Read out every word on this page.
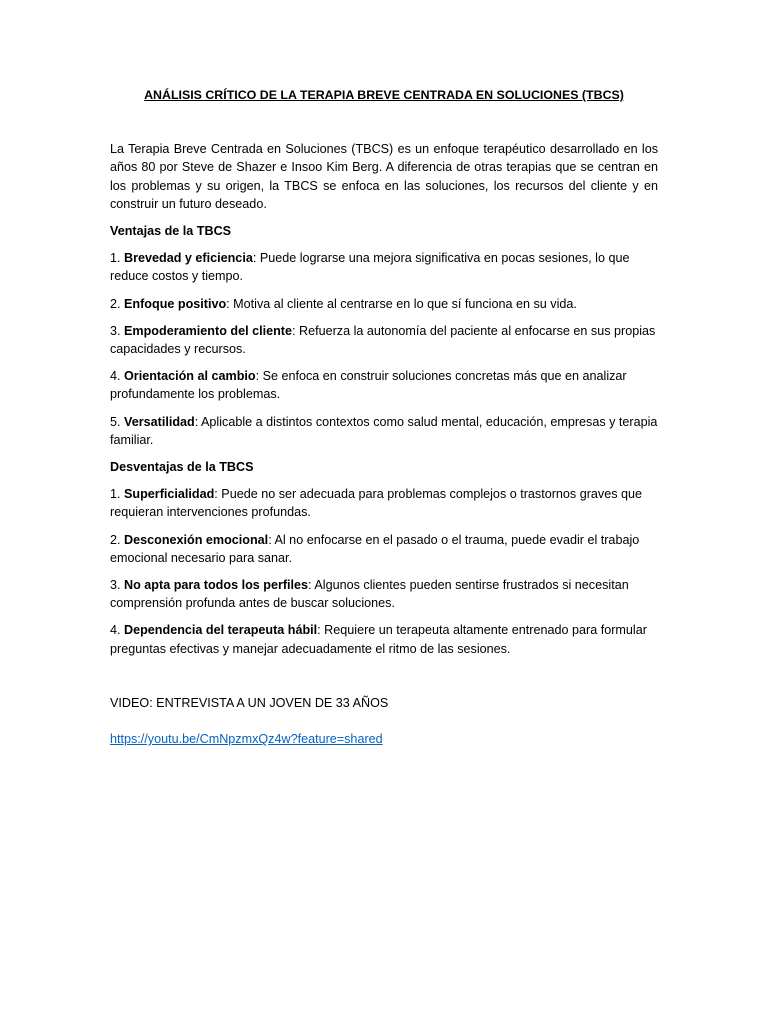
ANÁLISIS CRÍTICO DE LA TERAPIA BREVE CENTRADA EN SOLUCIONES (TBCS)

La Terapia Breve Centrada en Soluciones (TBCS) es un enfoque terapéutico desarrollado en los años 80 por Steve de Shazer e Insoo Kim Berg. A diferencia de otras terapias que se centran en los problemas y su origen, la TBCS se enfoca en las soluciones, los recursos del cliente y en construir un futuro deseado.

Ventajas de la TBCS

1. Brevedad y eficiencia: Puede lograrse una mejora significativa en pocas sesiones, lo que reduce costos y tiempo.

2. Enfoque positivo: Motiva al cliente al centrarse en lo que sí funciona en su vida.

3. Empoderamiento del cliente: Refuerza la autonomía del paciente al enfocarse en sus propias capacidades y recursos.

4. Orientación al cambio: Se enfoca en construir soluciones concretas más que en analizar profundamente los problemas.

5. Versatilidad: Aplicable a distintos contextos como salud mental, educación, empresas y terapia familiar.

Desventajas de la TBCS

1. Superficialidad: Puede no ser adecuada para problemas complejos o trastornos graves que requieran intervenciones profundas.

2. Desconexión emocional: Al no enfocarse en el pasado o el trauma, puede evadir el trabajo emocional necesario para sanar.

3. No apta para todos los perfiles: Algunos clientes pueden sentirse frustrados si necesitan comprensión profunda antes de buscar soluciones.

4. Dependencia del terapeuta hábil: Requiere un terapeuta altamente entrenado para formular preguntas efectivas y manejar adecuadamente el ritmo de las sesiones.

VIDEO: ENTREVISTA A UN JOVEN DE 33 AÑOS

https://youtu.be/CmNpzmxQz4w?feature=shared
